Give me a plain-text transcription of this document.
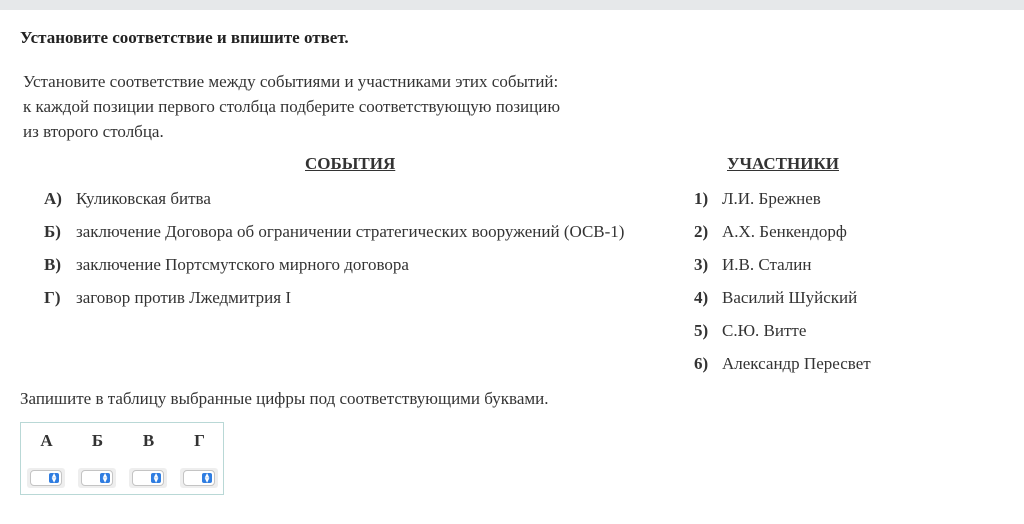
Установите соответствие и впишите ответ.
Установите соответствие между событиями и участниками этих событий:
к каждой позиции первого столбца подберите соответствующую позицию
из второго столбца.
СОБЫТИЯ	УЧАСТНИКИ
А) Куликовская битва
Б) заключение Договора об ограничении стратегических вооружений (ОСВ-1)
В) заключение Портсмутского мирного договора
Г) заговор против Лжедмитрия I
1) Л.И. Брежнев
2) А.Х. Бенкендорф
3) И.В. Сталин
4) Василий Шуйский
5) С.Ю. Витте
6) Александр Пересвет
Запишите в таблицу выбранные цифры под соответствующими буквами.
А	Б	В	Г
▲
▼
▲
▼
▲
▼
▲
▼
